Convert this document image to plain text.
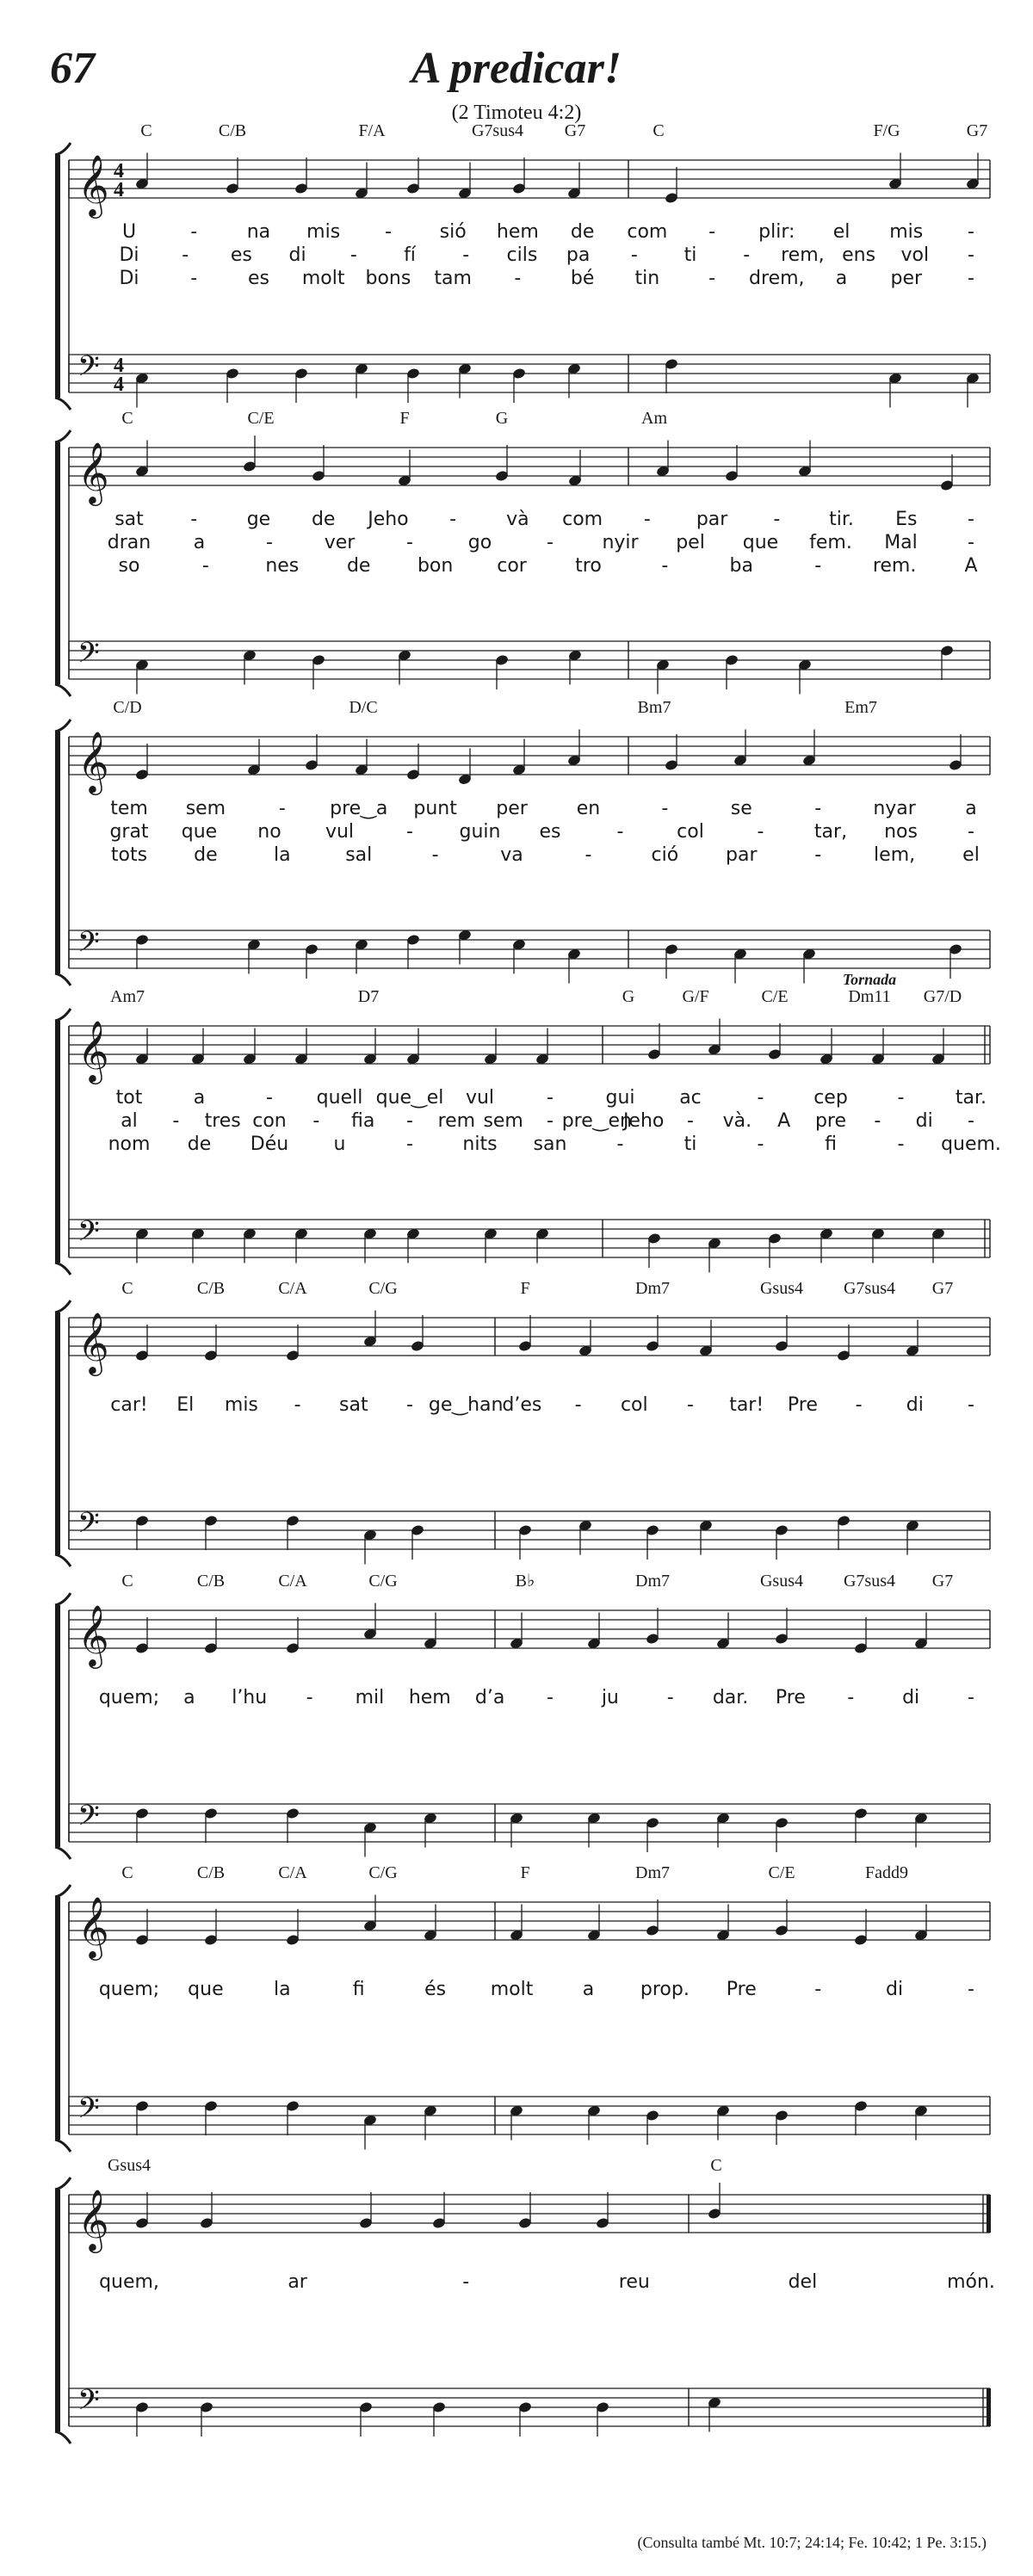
67	A predicar!
(2 Timoteu 4:2)
𝄞 4
4
𝄢 4
4
C	C/B	F/A	G7sus4 G7	C	F/G	G7
U	-	na mis -	sió hem de com - plir: el mis -
Di - es di - fí - cils pa - ti - rem, ens vol -
Di	-	es molt bons tam -	bé tin	- drem, a per -
𝄞
𝄢
C	C/E	F	G	Am
sat -	ge de Jeho -	và com - par -	tir. Es	-
dran a	-	ver	-	go	-	nyir pel que fem. Mal	-
so	-	nes	de bon cor	tro	-	ba	-	rem.	A
𝄞
𝄢
C/D	D/C	Bm7	Em7
tem sem	- pre‿a punt per	en	-	se	-	nyar	a
grat que no vul	- guin es	-	col	-	tar, nos	-
tots de	la	sal	-	va	-	ció par	-	lem,	el
𝄞
𝄢
Am7	D7	G	G/F	C/E	Dm11 G7/D
Tornada
tot	a	- quell que‿el vul	-	gui ac	-	cep	-	tar.
al - tres con - fia - rem sem - pre‿en
Jeho - và. A pre - di -
nom de Déu u	-	nits san	-	ti	-	fi	- quem.
𝄞
𝄢
C	C/B	C/A	C/G	F	Dm7	Gsus4 G7sus4 G7
car! El mis - sat - ge‿han
d’es - col - tar! Pre - di -
𝄞
𝄢
C	C/B	C/A	C/G	B♭	Dm7	Gsus4 G7sus4 G7
quem; a l’hu - mil hem d’a -	ju	- dar. Pre -	di	-
𝄞
𝄢
C	C/B	C/A	C/G	F	Dm7	C/E	Fadd9
quem; que	la	fi	és molt	a prop. Pre	-	di	-
𝄞
𝄢
Gsus4	C
quem,	ar	-	reu	del	món.
(Consulta també Mt. 10:7; 24:14; Fe. 10:42; 1 Pe. 3:15.)
